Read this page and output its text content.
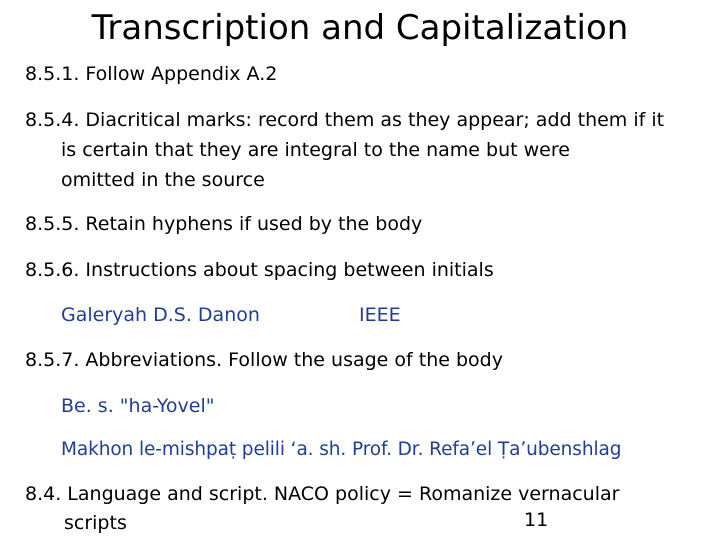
Transcription and Capitalization
8.5.1. Follow Appendix A.2
8.5.4. Diacritical marks: record them as they appear; add them if it
is certain that they are integral to the name but were
omitted in the source
8.5.5. Retain hyphens if used by the body
8.5.6. Instructions about spacing between initials
Galeryah D.S. Danon	IEEE
8.5.7. Abbreviations. Follow the usage of the body
Be. s. "ha-Yovel"
Makhon le-mishpaṭ pelili ʻa. sh. Prof. Dr. Refaʼel Ṭaʼubenshlag
8.4. Language and script. NACO policy = Romanize vernacular
scripts	11
